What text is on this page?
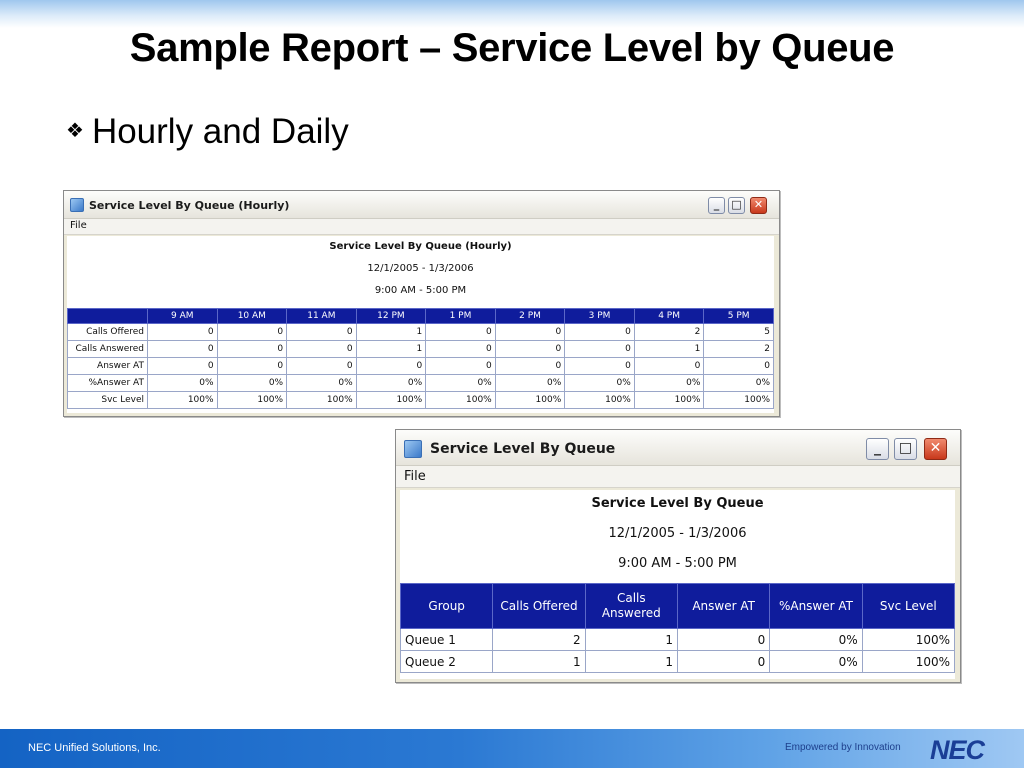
Sample Report – Service Level by Queue
❖ Hourly and Daily
Service Level By Queue (Hourly)	_	□	✕
File
Service Level By Queue (Hourly)
12/1/2005 - 1/3/2006
9:00 AM - 5:00 PM
	9 AM	10 AM	11 AM	12 PM	1 PM	2 PM	3 PM	4 PM	5 PM
Calls Offered	0	0	0	1	0	0	0	2	5
Calls Answered	0	0	0	1	0	0	0	1	2
Answer AT	0	0	0	0	0	0	0	0	0
%Answer AT	0%	0%	0%	0%	0%	0%	0%	0%	0%
Svc Level	100%	100%	100%	100%	100%	100%	100%	100%	100%
Service Level By Queue	_	□	✕
File
Service Level By Queue
12/1/2005 - 1/3/2006
9:00 AM - 5:00 PM
Group	Calls Offered	Calls Answered	Answer AT	%Answer AT	Svc Level
Queue 1	2	1	0	0%	100%
Queue 2	1	1	0	0%	100%
NEC Unified Solutions, Inc.	Empowered by Innovation NEC
